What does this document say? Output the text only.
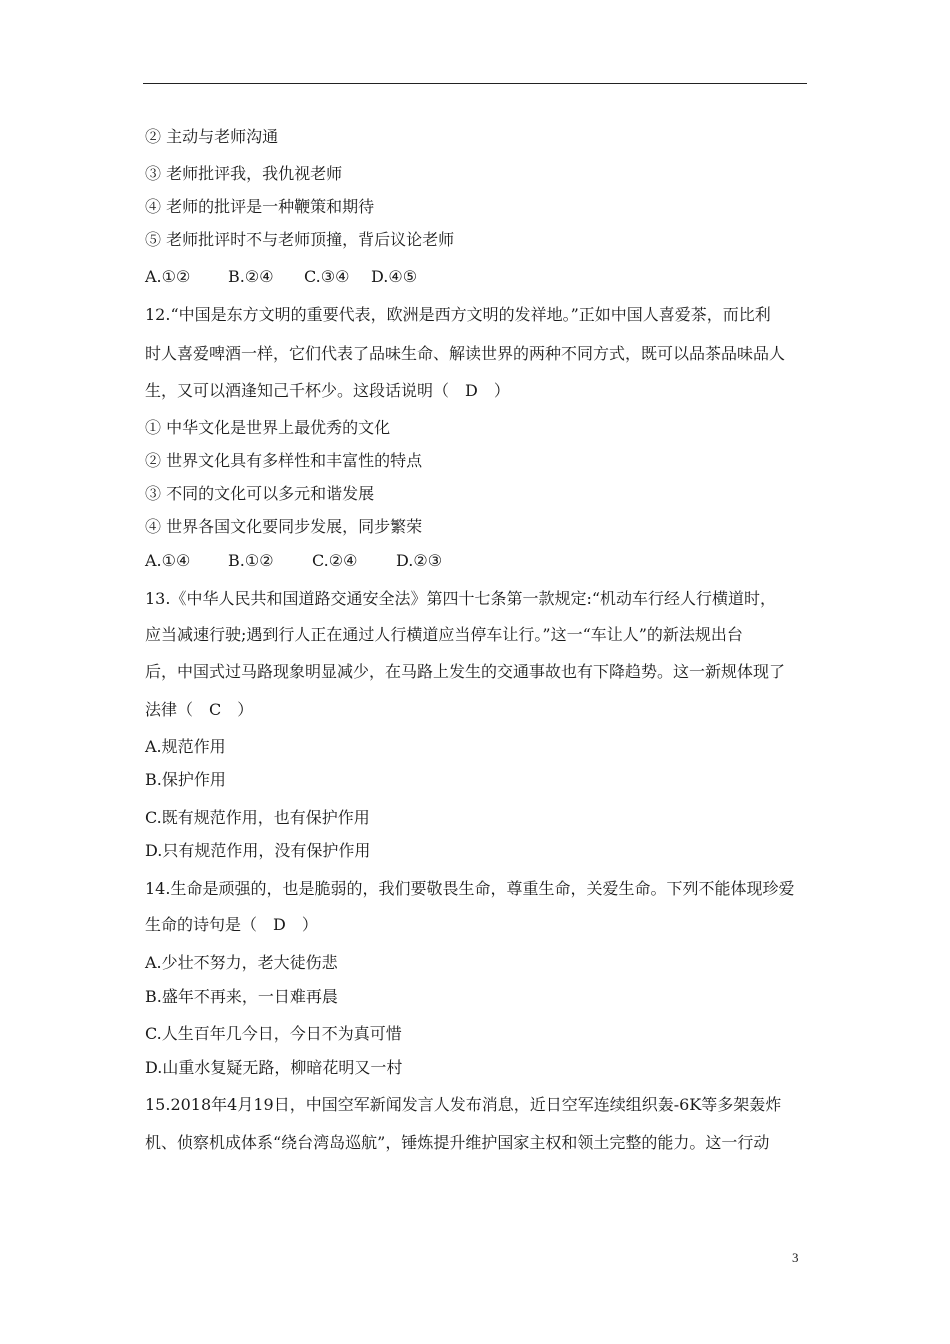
② 主动与老师沟通
③ 老师批评我，我仇视老师
④ 老师的批评是一种鞭策和期待
⑤ 老师批评时不与老师顶撞，背后议论老师
A.①② B.②④ C.③④ D.④⑤
12.“中国是东方文明的重要代表，欧洲是西方文明的发祥地。”正如中国人喜爱茶，而比利
时人喜爱啤酒一样，它们代表了品味生命、解读世界的两种不同方式，既可以品茶品味品人
生，又可以酒逢知己千杯少。这段话说明（　D　）
① 中华文化是世界上最优秀的文化
② 世界文化具有多样性和丰富性的特点
③ 不同的文化可以多元和谐发展
④ 世界各国文化要同步发展，同步繁荣
A.①④ B.①② C.②④ D.②③
13.《中华人民共和国道路交通安全法》第四十七条第一款规定:“机动车行经人行横道时，
应当减速行驶;遇到行人正在通过人行横道应当停车让行。”这一“车让人”的新法规出台
后，中国式过马路现象明显减少，在马路上发生的交通事故也有下降趋势。这一新规体现了
法律（　C　）
A.规范作用
B.保护作用
C.既有规范作用，也有保护作用
D.只有规范作用，没有保护作用
14.生命是顽强的，也是脆弱的，我们要敬畏生命，尊重生命，关爱生命。下列不能体现珍爱
生命的诗句是（　D　）
A.少壮不努力，老大徒伤悲
B.盛年不再来，一日难再晨
C.人生百年几今日，今日不为真可惜
D.山重水复疑无路，柳暗花明又一村
15.2018年4月19日，中国空军新闻发言人发布消息，近日空军连续组织轰-6K等多架轰炸
机、侦察机成体系“绕台湾岛巡航”，锤炼提升维护国家主权和领土完整的能力。这一行动
3
